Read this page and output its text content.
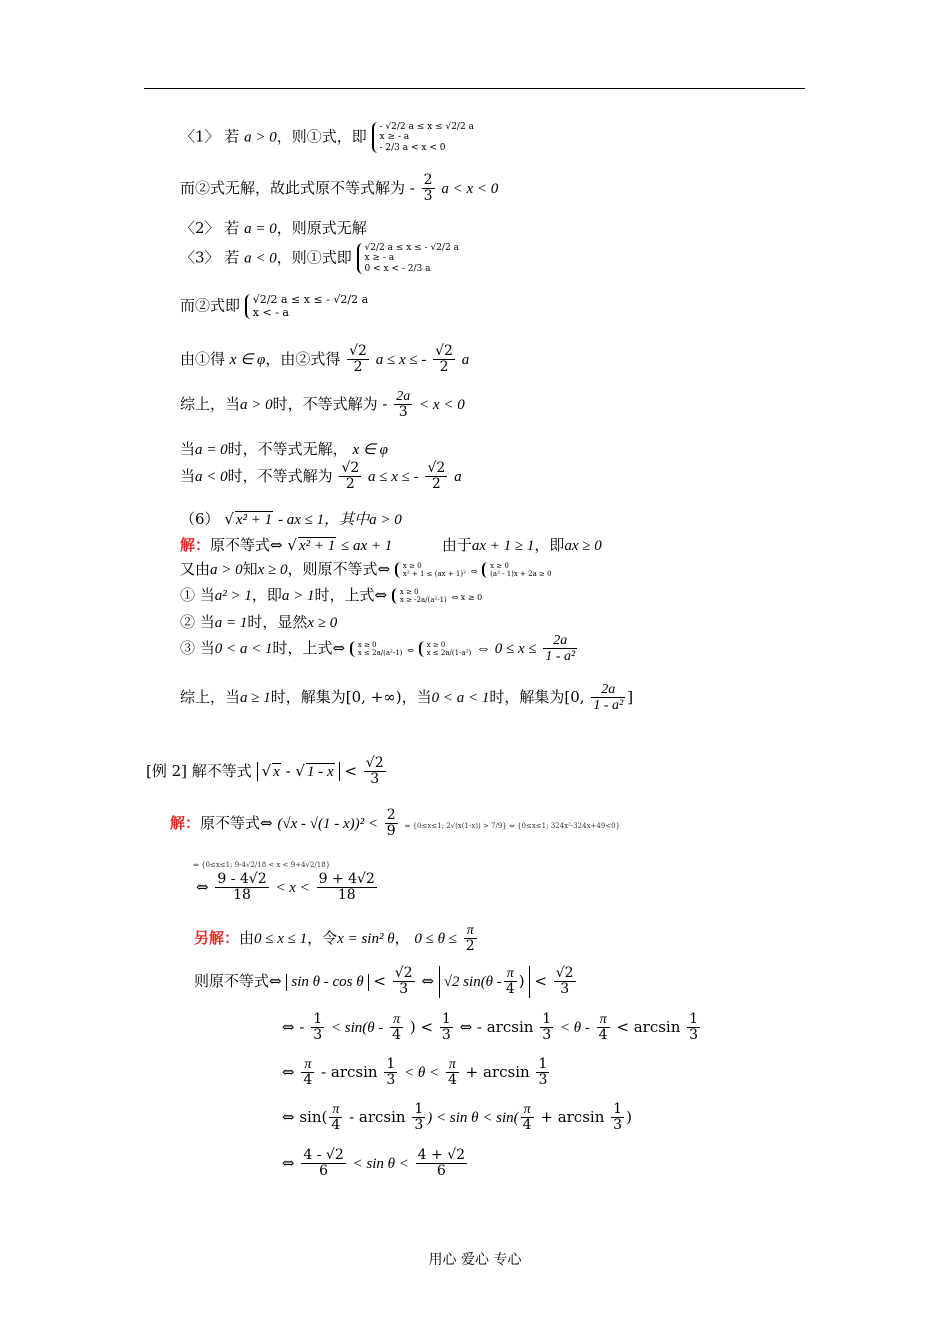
〈1〉 若 a > 0，则①式，即
- √2/2 a ≤ x ≤ √2/2 a
x ≥ - a
- 2/3 a < x < 0
而②式无解，故此式原不等式解为 - $\frac{2}{3}$ a < x < 0
〈2〉 若 a = 0，则原式无解
〈3〉 若 a < 0，则①式即
√2/2 a ≤ x ≤ - √2/2 a
x ≥ - a
0 < x < - 2/3 a
而②式即 √2/2 a ≤ x ≤ - √2/2 a
x < - a
由①得 x ∈ φ，由②式得 $\frac{√2}{2}$ a ≤ x ≤ - $\frac{√2}{2}$ a
综上，当a > 0时，不等式解为 - $\frac{2a}{3} < x < 0$
当a = 0时，不等式无解， x ∈ φ
当a < 0时，不等式解为 $\frac{√2}{2}$ a ≤ x ≤ - $\frac{√2}{2}$ a
（6） √ x² + 1 - ax ≤ 1，其中a > 0
解：原不等式⇔ √ x² + 1 ≤ ax + 1	由于ax + 1 ≥ 1，即ax ≥ 0
又由a > 0知x ≥ 0，则原不等式⇔ x ≥ 0
x² + 1 ≤ (ax + 1)² ⇔
x ≥ 0
(a² - 1)x + 2a ≥ 0
① 当a² > 1，即a > 1时，上式⇔ x ≥ 0
x ≥ -2a/(a²-1) ⇔ x ≥ 0
② 当a = 1时，显然x ≥ 0
③ 当0 < a < 1时，上式⇔ x ≥ 0
x ≤ 2a/(a²-1) ⇔
x ≥ 0
x ≤ 2a/(1-a²) ⇔ $0 \le x \le \frac{2a}{\text{1 - a²}}$
综上，当a ≥ 1时，解集为[0, +∞)，当0 < a < 1时，解集为[0, $\frac{2a}{\text{1 - a²}}$ ]
[例 2] 解不等式 √ x - √ $1 - x < \frac{√2}{3}$
解：原不等式⇔ $(√x - √(1 - x))^2 < \frac{2}{9}$ ⇔ {0≤x≤1; 2√(x(1-x)) > 7/9} ⇔ {0≤x≤1; 324x²-324x+49<0}
⇔ {0≤x≤1; 9-4√2/18 < x < 9+4√2/18}
⇔ $\frac{9 - 4√2}{18} < x < \frac{9 + 4√2}{18}$
另解：由0 ≤ x ≤ 1，令x = sin² θ， $0 \le \theta \le \frac{\pi}{2}$
则原不等式⇔ $\sin \theta - \cos \theta < \frac{√2}{3}$ ⇔ √2 $\sin(\theta - \frac{\pi}{4}$ ) < $\frac{√2}{3}$
⇔ - $\frac{1}{3} < \sin(\theta - \frac{\pi}{4}$ ) < $\frac{1}{3}$ ⇔ - $\arcsin \frac{1}{3} < \theta - \frac{\pi}{4} < \arcsin \frac{1}{3}$
⇔ $\frac{\pi}{4} - \arcsin \frac{1}{3} < \theta < \frac{\pi}{4} + \arcsin \frac{1}{3}$
⇔ $\sin( \frac{\pi}{4}$ - $\arcsin \frac{1}{3}$ ) < $\sin \theta < \sin( \frac{\pi}{4} + \arcsin \frac{1}{3}$ )
⇔ $\frac{4 - √2}{6} < \sin \theta < \frac{4 + √2}{6}$
用心 爱心 专心
